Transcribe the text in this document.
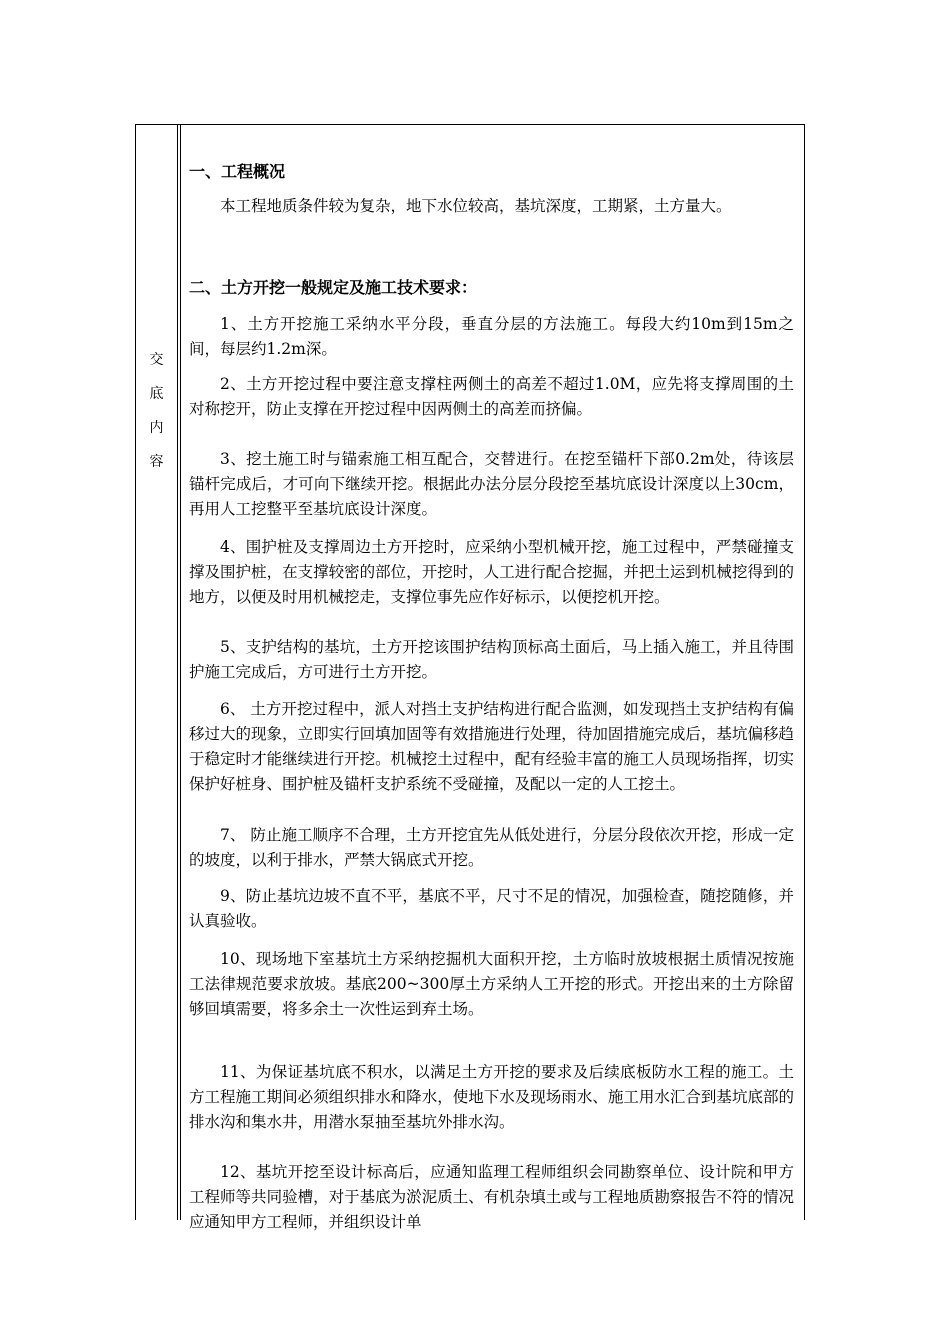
交
底
内
容
一、工程概况

本工程地质条件较为复杂，地下水位较高，基坑深度，工期紧，土方量大。

二、土方开挖一般规定及施工技术要求：

1、土方开挖施工采纳水平分段，垂直分层的方法施工。每段大约10m到15m之间，每层约1.2m深。

2、土方开挖过程中要注意支撑柱两侧土的高差不超过1.0M，应先将支撑周围的土对称挖开，防止支撑在开挖过程中因两侧土的高差而挤偏。

3、挖土施工时与锚索施工相互配合，交替进行。在挖至锚杆下部0.2m处，待该层锚杆完成后，才可向下继续开挖。根据此办法分层分段挖至基坑底设计深度以上30cm，再用人工挖整平至基坑底设计深度。

4、围护桩及支撑周边土方开挖时，应采纳小型机械开挖，施工过程中，严禁碰撞支撑及围护桩，在支撑较密的部位，开挖时，人工进行配合挖掘，并把土运到机械挖得到的地方，以便及时用机械挖走，支撑位事先应作好标示，以便挖机开挖。

5、支护结构的基坑，土方开挖该围护结构顶标高土面后，马上插入施工，并且待围护施工完成后，方可进行土方开挖。

6、 土方开挖过程中，派人对挡土支护结构进行配合监测，如发现挡土支护结构有偏移过大的现象，立即实行回填加固等有效措施进行处理，待加固措施完成后，基坑偏移趋于稳定时才能继续进行开挖。机械挖土过程中，配有经验丰富的施工人员现场指挥，切实保护好桩身、围护桩及锚杆支护系统不受碰撞，及配以一定的人工挖土。

7、 防止施工顺序不合理，土方开挖宜先从低处进行，分层分段依次开挖，形成一定的坡度，以利于排水，严禁大锅底式开挖。

9、防止基坑边坡不直不平，基底不平，尺寸不足的情况，加强检查，随挖随修，并认真验收。

10、现场地下室基坑土方采纳挖掘机大面积开挖，土方临时放坡根据土质情况按施工法律规范要求放坡。基底200~300厚土方采纳人工开挖的形式。开挖出来的土方除留够回填需要，将多余土一次性运到弃土场。

11、为保证基坑底不积水，以满足土方开挖的要求及后续底板防水工程的施工。土方工程施工期间必须组织排水和降水，使地下水及现场雨水、施工用水汇合到基坑底部的排水沟和集水井，用潜水泵抽至基坑外排水沟。

12、基坑开挖至设计标高后，应通知监理工程师组织会同勘察单位、设计院和甲方工程师等共同验槽，对于基底为淤泥质土、有机杂填土或与工程地质勘察报告不符的情况应通知甲方工程师，并组织设计单
